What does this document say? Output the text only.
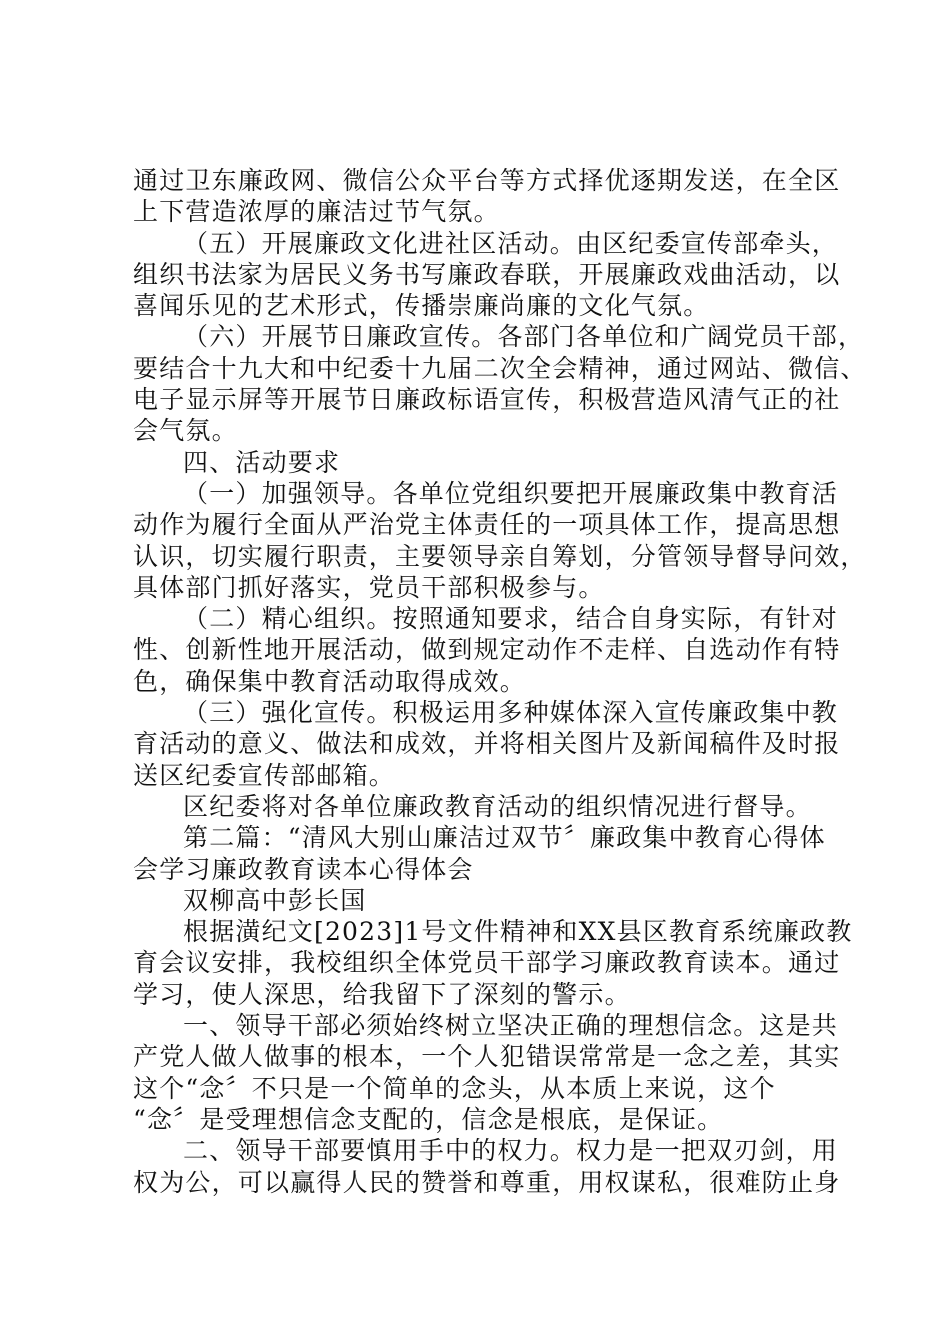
通过卫东廉政网、微信公众平台等方式择优逐期发送，在全区
上下营造浓厚的廉洁过节气氛。
（五）开展廉政文化进社区活动。由区纪委宣传部牵头，
组织书法家为居民义务书写廉政春联，开展廉政戏曲活动，以
喜闻乐见的艺术形式，传播崇廉尚廉的文化气氛。
（六）开展节日廉政宣传。各部门各单位和广阔党员干部，
要结合十九大和中纪委十九届二次全会精神，通过网站、微信、
电子显示屏等开展节日廉政标语宣传，积极营造风清气正的社
会气氛。
四、活动要求
（一）加强领导。各单位党组织要把开展廉政集中教育活
动作为履行全面从严治党主体责任的一项具体工作，提高思想
认识，切实履行职责，主要领导亲自筹划，分管领导督导问效，
具体部门抓好落实，党员干部积极参与。
（二）精心组织。按照通知要求，结合自身实际，有针对
性、创新性地开展活动，做到规定动作不走样、自选动作有特
色，确保集中教育活动取得成效。
（三）强化宣传。积极运用多种媒体深入宣传廉政集中教
育活动的意义、做法和成效，并将相关图片及新闻稿件及时报
送区纪委宣传部邮箱。
区纪委将对各单位廉政教育活动的组织情况进行督导。
第二篇：“清风大别山廉洁过双节〞廉政集中教育心得体
会学习廉政教育读本心得体会
双柳高中彭长国
根据潢纪文[2023]1号文件精神和XX县区教育系统廉政教
育会议安排，我校组织全体党员干部学习廉政教育读本。通过
学习，使人深思，给我留下了深刻的警示。
一、领导干部必须始终树立坚决正确的理想信念。这是共
产党人做人做事的根本，一个人犯错误常常是一念之差，其实
这个“念〞不只是一个简单的念头，从本质上来说，这个
“念〞是受理想信念支配的，信念是根底，是保证。
二、领导干部要慎用手中的权力。权力是一把双刃剑，用
权为公，可以赢得人民的赞誉和尊重，用权谋私，很难防止身
